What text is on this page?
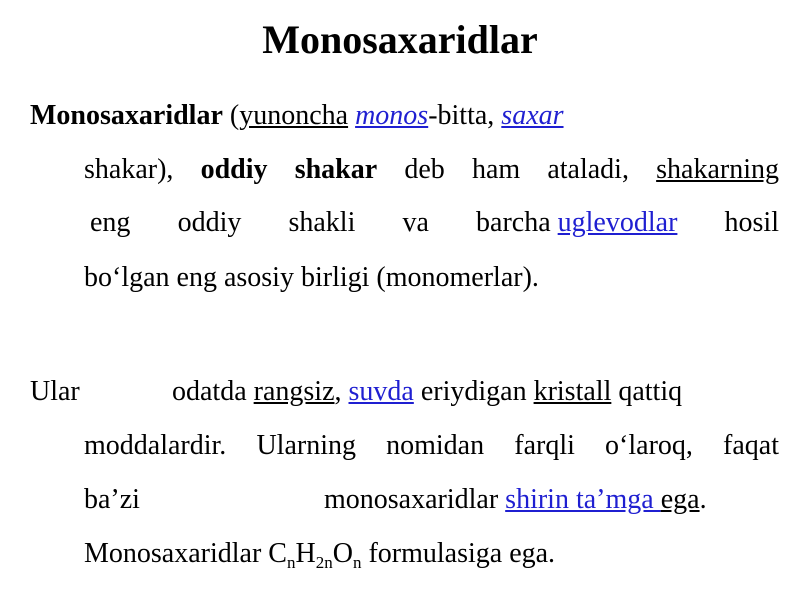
Monosaxaridlar
Monosaxaridlar (yunoncha monos-bitta, saxar
shakar), oddiy shakar deb ham ataladi, shakarning
eng oddiy shakli va barcha uglevodlar hosil
bo‘lgan eng asosiy birligi (monomerlar).
Ular	odatda rangsiz, suvda eriydigan kristall qattiq
moddalardir. Ularning nomidan farqli o‘laroq, faqat
ba’zi	monosaxaridlar shirin ta’mga ega.
Monosaxaridlar $C_nH_{2n}O_n$ formulasiga ega.
